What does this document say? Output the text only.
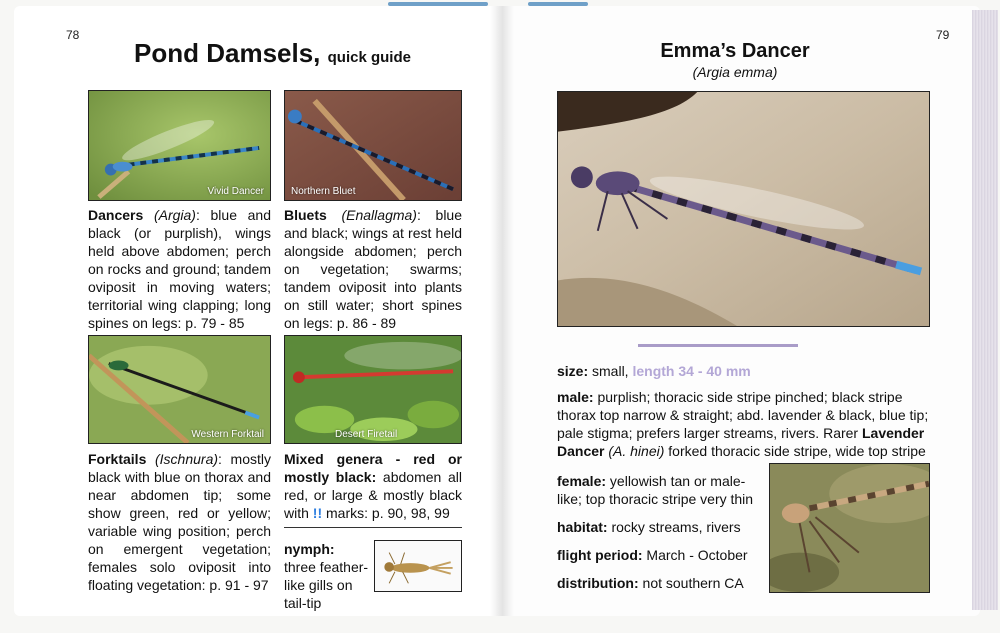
78
Pond Damsels, quick guide
Vivid Dancer	Northern Bluet
Dancers (Argia): blue and black (or purplish), wings held above abdomen; perch on rocks and ground; tandem oviposit in moving waters; territorial wing clapping; long spines on legs: p. 79 - 85
Bluets (Enallagma): blue and black; wings at rest held alongside abdomen; perch on vegetation; swarms; tandem oviposit into plants on still water; short spines on legs: p. 86 - 89
Western Forktail	Desert Firetail
Forktails (Ischnura): mostly black with blue on thorax and near abdomen tip; some show green, red or yellow; variable wing position; perch on emergent vegetation; females solo oviposit into floating vegetation: p. 91 - 97
Mixed genera - red or mostly black: abdomen all red, or large & mostly black with !! marks: p. 90, 98, 99
nymph: three feather-like gills on tail-tip
79
Emma’s Dancer
(Argia emma)
size: small, length 34 - 40 mm
male: purplish; thoracic side stripe pinched; black stripe thorax top narrow & straight; abd. lavender & black, blue tip; pale stigma; prefers larger streams, rivers. Rarer Lavender Dancer (A. hinei) forked thoracic side stripe, wide top stripe
female: yellowish tan or male-like; top thoracic stripe very thin
habitat: rocky streams, rivers
flight period: March - October
distribution: not southern CA
